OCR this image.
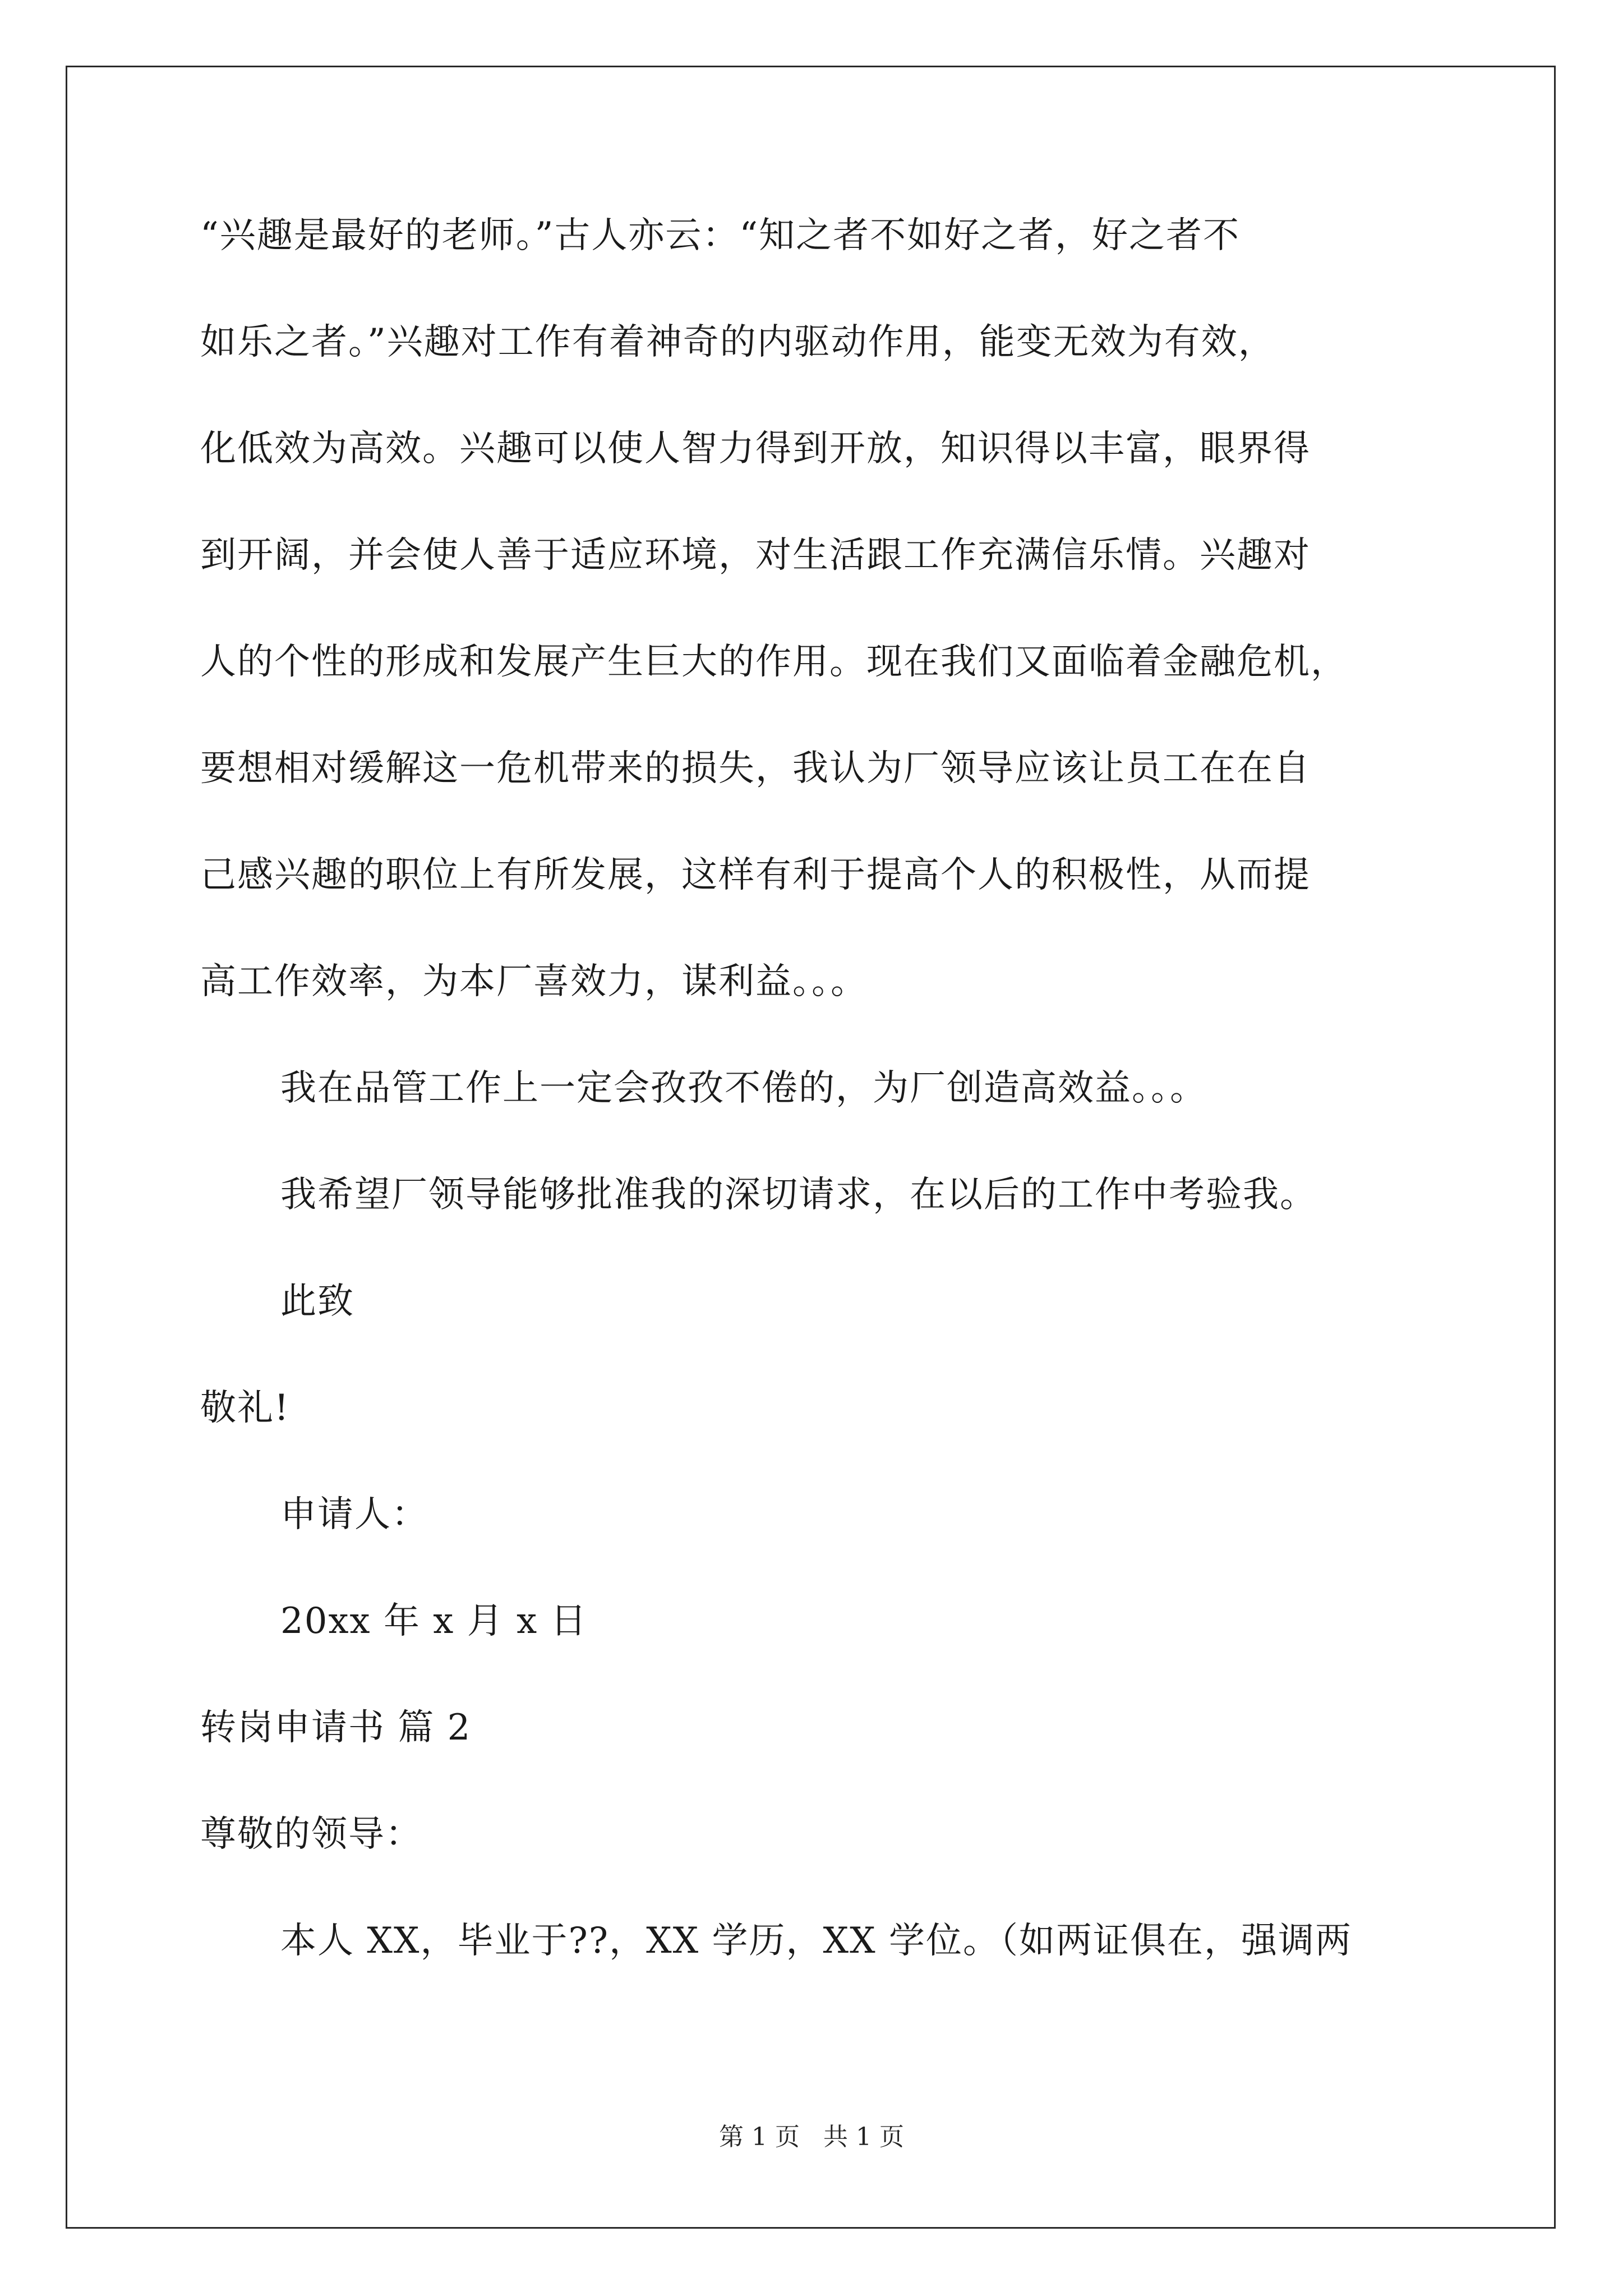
“兴趣是最好的老师。”古人亦云：“知之者不如好之者，好之者不
如乐之者。”兴趣对工作有着神奇的内驱动作用，能变无效为有效，
化低效为高效。兴趣可以使人智力得到开放，知识得以丰富，眼界得
到开阔，并会使人善于适应环境，对生活跟工作充满信乐情。兴趣对
人的个性的形成和发展产生巨大的作用。现在我们又面临着金融危机，
要想相对缓解这一危机带来的损失，我认为厂领导应该让员工在在自
己感兴趣的职位上有所发展，这样有利于提高个人的积极性，从而提
高工作效率，为本厂喜效力，谋利益。。。
我在品管工作上一定会孜孜不倦的，为厂创造高效益。。。
我希望厂领导能够批准我的深切请求，在以后的工作中考验我。
此致
敬礼!
申请人：
20xx 年 x 月 x 日
转岗申请书 篇 2
尊敬的领导：
本人 XX，毕业于??，XX 学历，XX 学位。（如两证俱在，强调两
第 1 页   共 1 页
